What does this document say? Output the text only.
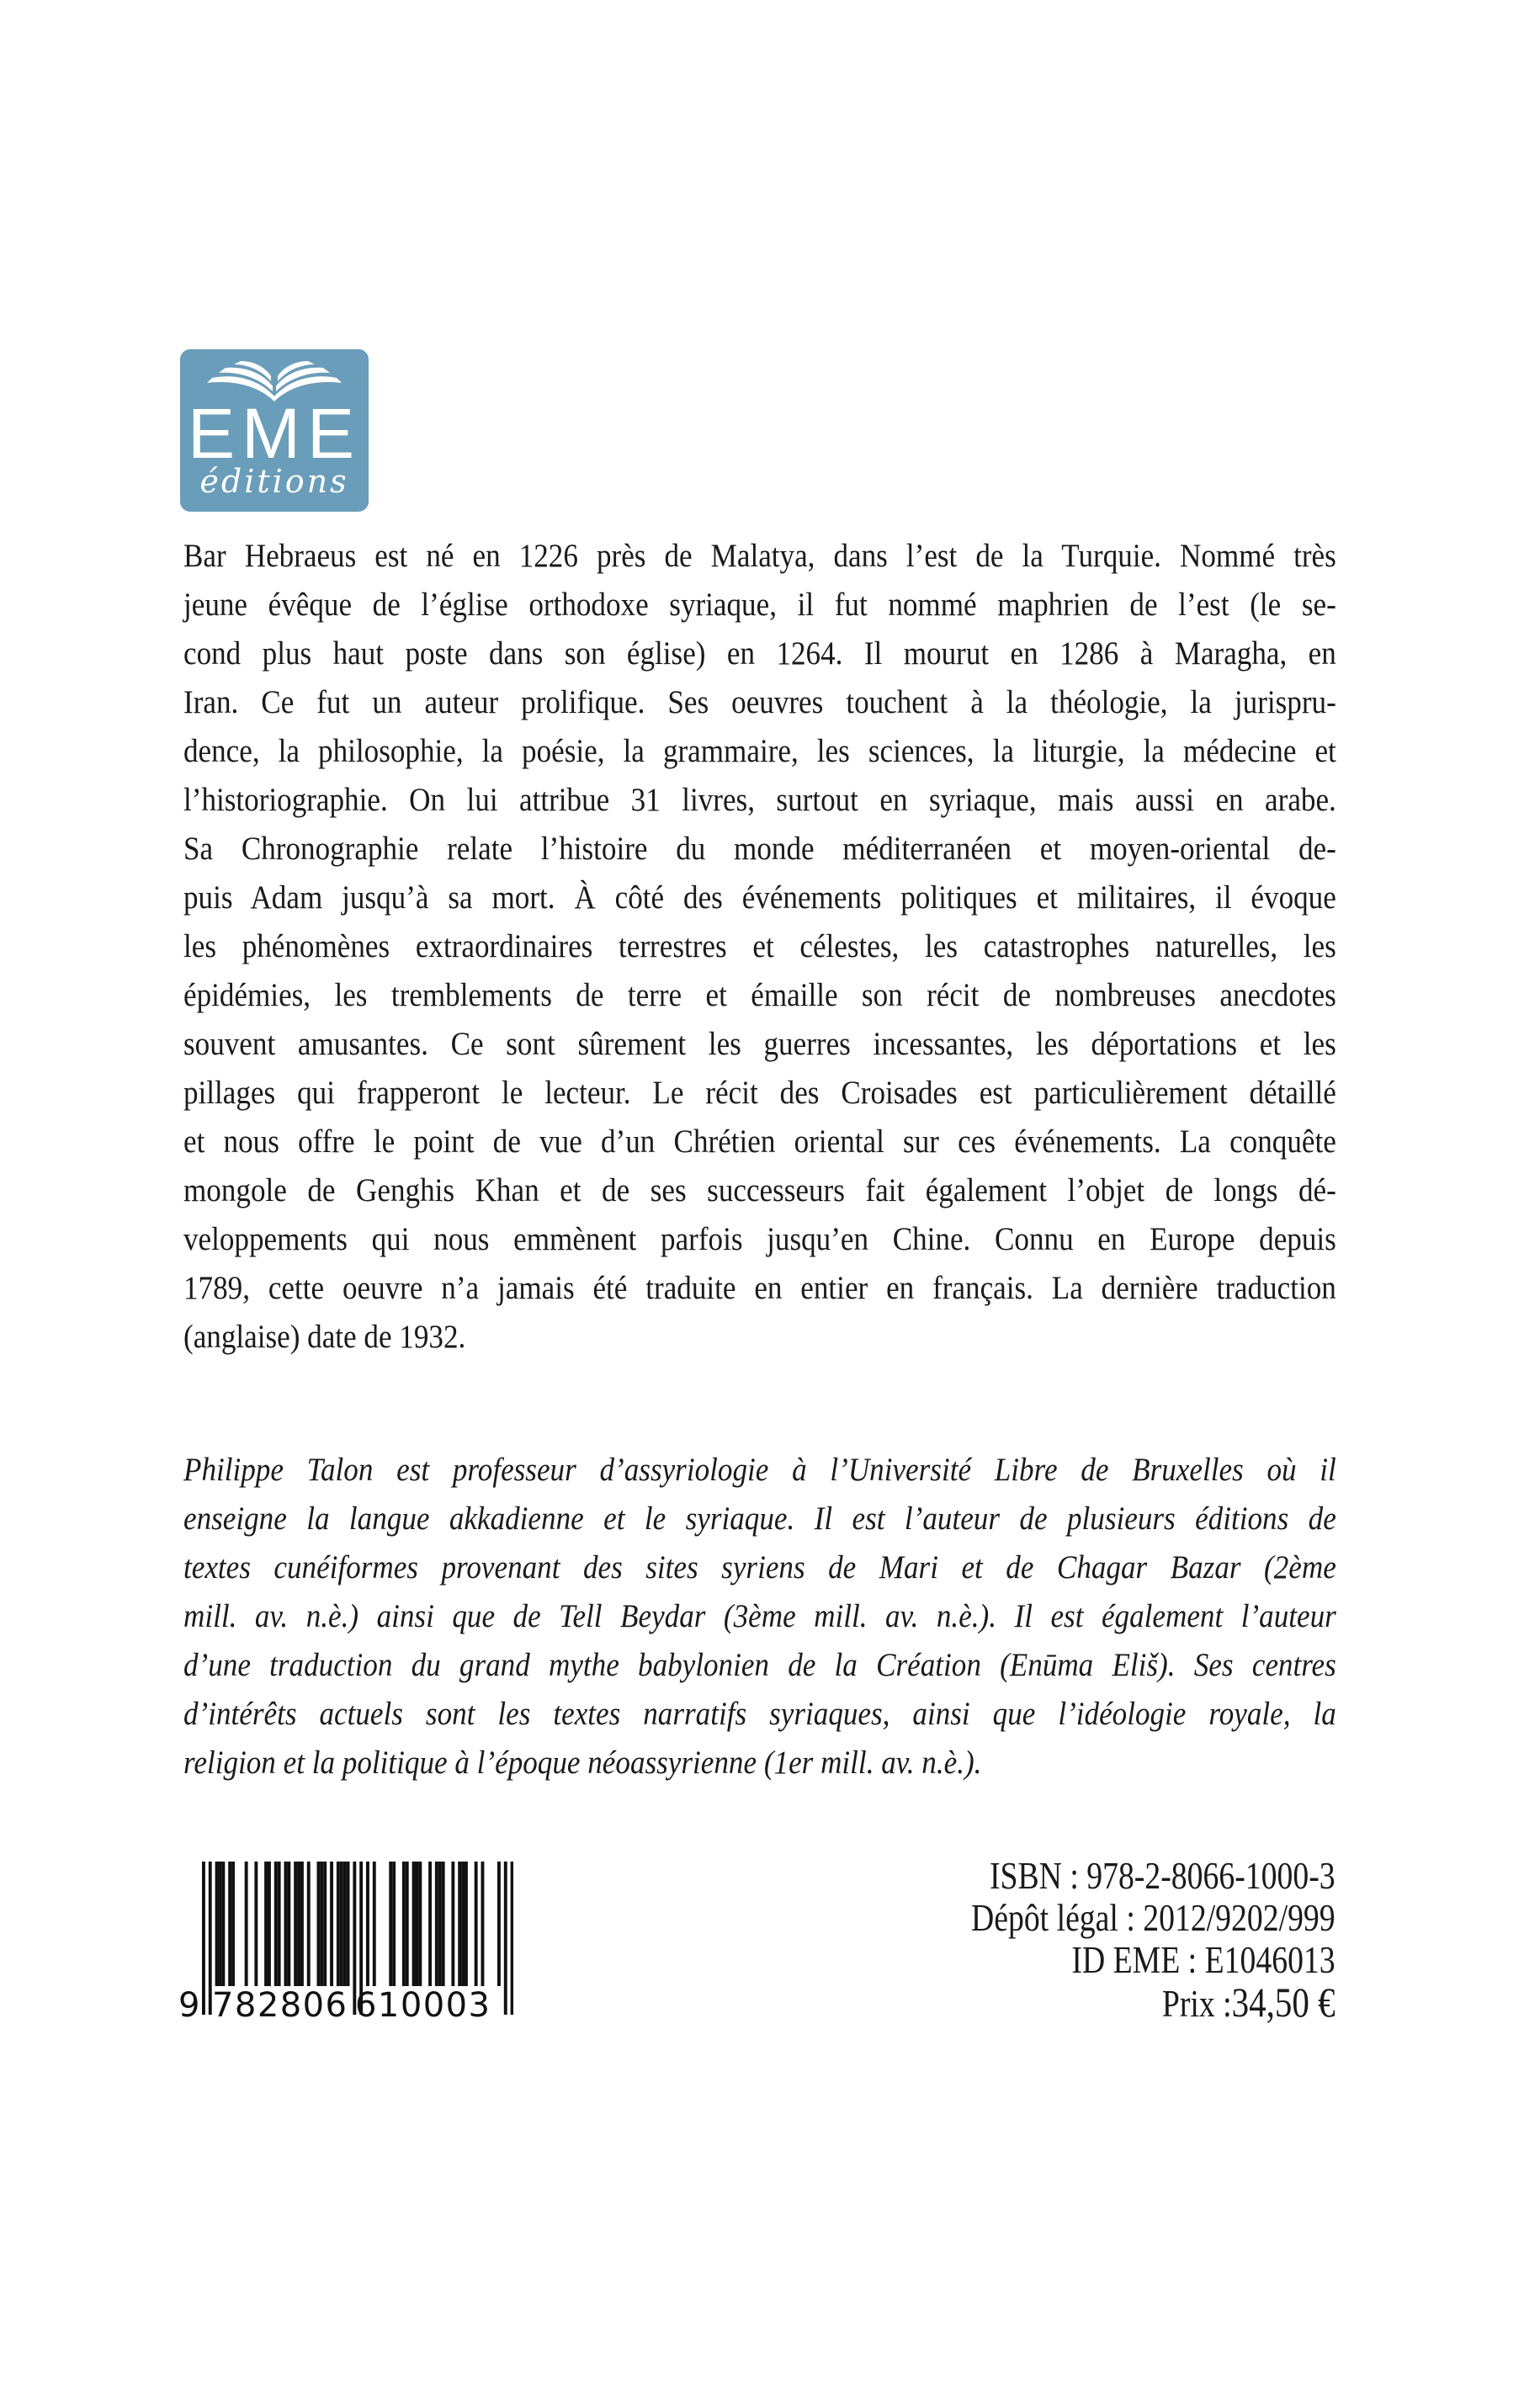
EME
éditions
Bar Hebraeus est né en 1226 près de Malatya, dans l’est de la Turquie. Nommé très
jeune évêque de l’église orthodoxe syriaque, il fut nommé maphrien de l’est (le se-
cond plus haut poste dans son église) en 1264. Il mourut en 1286 à Maragha, en
Iran. Ce fut un auteur prolifique. Ses oeuvres touchent à la théologie, la jurispru-
dence, la philosophie, la poésie, la grammaire, les sciences, la liturgie, la médecine et
l’historiographie. On lui attribue 31 livres, surtout en syriaque, mais aussi en arabe.
Sa Chronographie relate l’histoire du monde méditerranéen et moyen-oriental de-
puis Adam jusqu’à sa mort. À côté des événements politiques et militaires, il évoque
les phénomènes extraordinaires terrestres et célestes, les catastrophes naturelles, les
épidémies, les tremblements de terre et émaille son récit de nombreuses anecdotes
souvent amusantes. Ce sont sûrement les guerres incessantes, les déportations et les
pillages qui frapperont le lecteur. Le récit des Croisades est particulièrement détaillé
et nous offre le point de vue d’un Chrétien oriental sur ces événements. La conquête
mongole de Genghis Khan et de ses successeurs fait également l’objet de longs dé-
veloppements qui nous emmènent parfois jusqu’en Chine. Connu en Europe depuis
1789, cette oeuvre n’a jamais été traduite en entier en français. La dernière traduction
(anglaise) date de 1932.
Philippe Talon est professeur d’assyriologie à l’Université Libre de Bruxelles où il
enseigne la langue akkadienne et le syriaque. Il est l’auteur de plusieurs éditions de
textes cunéiformes provenant des sites syriens de Mari et de Chagar Bazar (2ème
mill. av. n.è.) ainsi que de Tell Beydar (3ème mill. av. n.è.). Il est également l’auteur
d’une traduction du grand mythe babylonien de la Création (Enūma Eliš). Ses centres
d’intérêts actuels sont les textes narratifs syriaques, ainsi que l’idéologie royale, la
religion et la politique à l’époque néoassyrienne (1er mill. av. n.è.).
9 782806 610003
ISBN : 978-2-8066-1000-3
Dépôt légal : 2012/9202/999
ID EME : E1046013
Prix :34,50 €
